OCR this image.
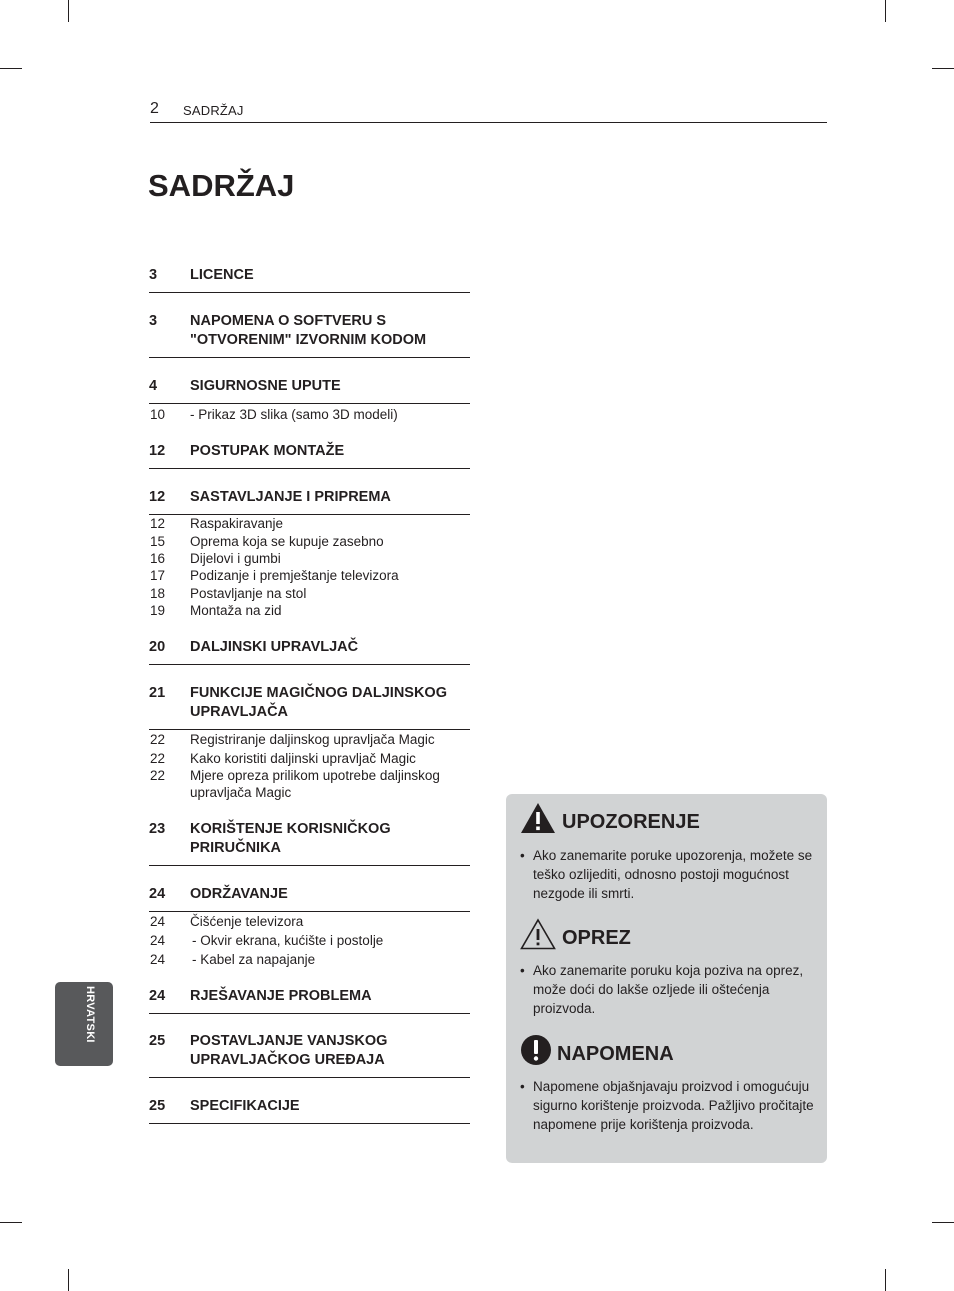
2 SADRŽAJ
SADRŽAJ
3 LICENCE
3 NAPOMENA O SOFTVERU S "OTVORENIM" IZVORNIM KODOM
4 SIGURNOSNE UPUTE
10 - Prikaz 3D slika (samo 3D modeli)
12 POSTUPAK MONTAŽE
12 SASTAVLJANJE I PRIPREMA
12 Raspakiravanje
15 Oprema koja se kupuje zasebno
16 Dijelovi i gumbi
17 Podizanje i premještanje televizora
18 Postavljanje na stol
19 Montaža na zid
20 DALJINSKI UPRAVLJAČ
21 FUNKCIJE MAGIČNOG DALJINSKOG UPRAVLJAČA
22 Registriranje daljinskog upravljača Magic
22 Kako koristiti daljinski upravljač Magic
22 Mjere opreza prilikom upotrebe daljinskog upravljača Magic
23 KORIŠTENJE KORISNIČKOG PRIRUČNIKA
24 ODRŽAVANJE
24 Čišćenje televizora
24 - Okvir ekrana, kućište i postolje
24 - Kabel za napajanje
24 RJEŠAVANJE PROBLEMA
25 POSTAVLJANJE VANJSKOG UPRAVLJAČKOG UREĐAJA
25 SPECIFIKACIJE
HRVATSKI
UPOZORENJE
• Ako zanemarite poruke upozorenja, možete se teško ozlijediti, odnosno postoji mogućnost nezgode ili smrti.
OPREZ
• Ako zanemarite poruku koja poziva na oprez, može doći do lakše ozljede ili oštećenja proizvoda.
NAPOMENA
• Napomene objašnjavaju proizvod i omogućuju sigurno korištenje proizvoda. Pažljivo pročitajte napomene prije korištenja proizvoda.
